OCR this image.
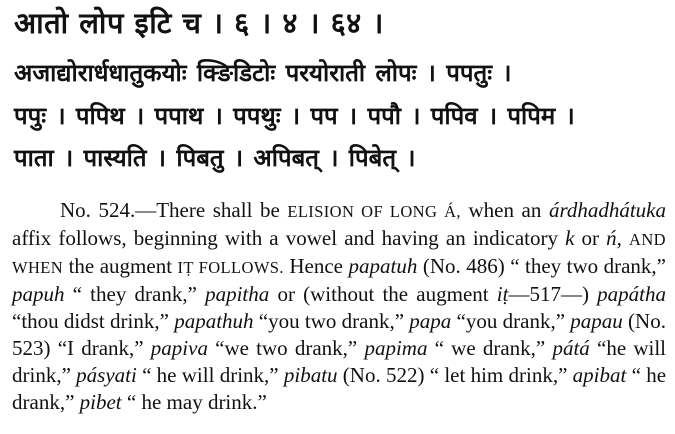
आतो लोप इटि च । ६ । ४ । ६४ ।
अजाद्योरार्धधातुकयोः क्ङिडिटोः परयोराती लोपः । पपतुः ।
पपुः । पपिथ । पपाथ । पपथुः । पप । पपौ । पपिव । पपिम ।
पाता । पास्यति । पिबतु । अपिबत् । पिबेत् ।

No. 524.—There shall be ELISION OF LONG Á, when an árdhadhátuka affix follows, beginning with a vowel and having an indicatory k or ń, AND WHEN the augment IṬ FOLLOWS. Hence papatuh (No. 486) “ they two drank,” papuh “ they drank,” papitha or (without the augment iṭ—517—) papátha “thou didst drink,” papathuh “you two drank,” papa “you drank,” papau (No. 523) “I drank,” papiva “we two drank,” papima “ we drank,” pátá “he will drink,” pásyati “ he will drink,” pibatu (No. 522) “ let him drink,” apibat “ he drank,” pibet “ he may drink.”
